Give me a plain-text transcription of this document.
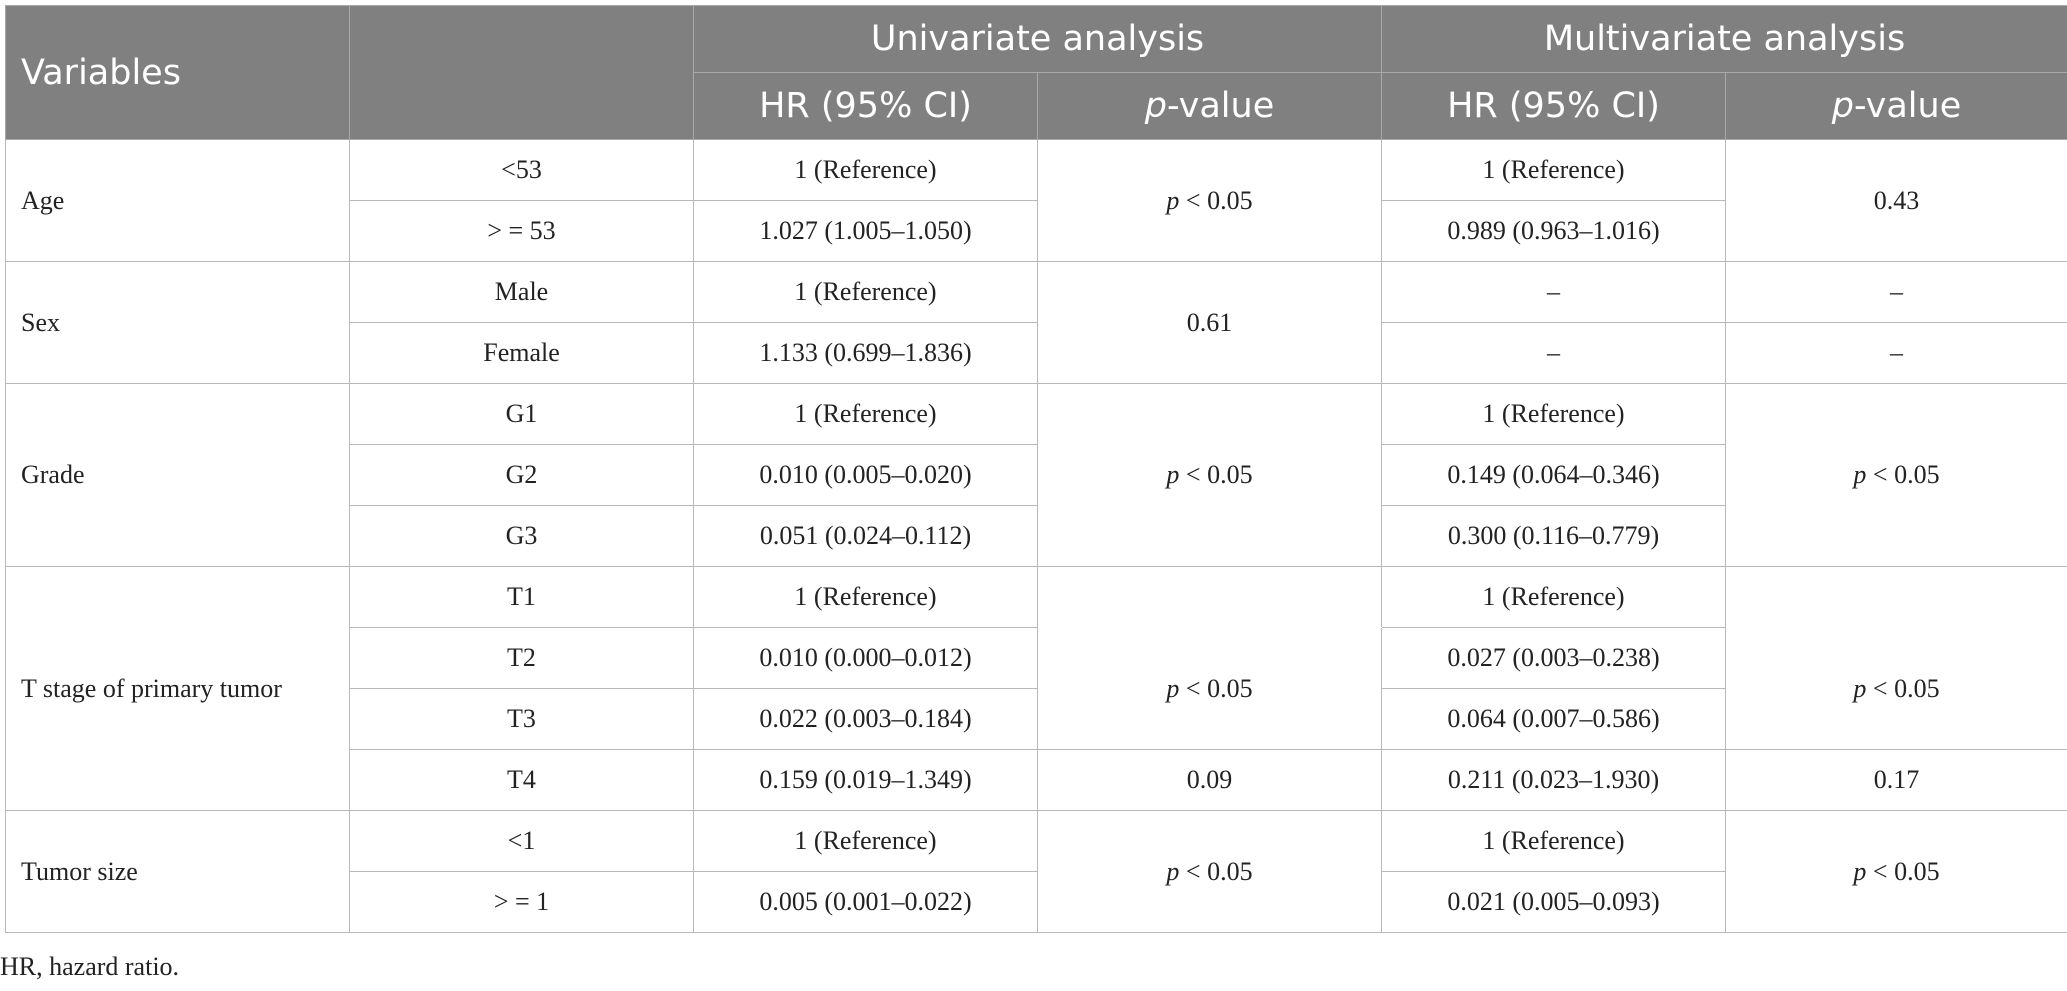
Variables		Univariate analysis		Multivariate analysis	
		HR (95% CI)	p-value	HR (95% CI)	p-value
Age	<53	1 (Reference)	p < 0.05	1 (Reference)	0.43
	> = 53	1.027 (1.005–1.050)		0.989 (0.963–1.016)	
Sex	Male	1 (Reference)	0.61	–	–
	Female	1.133 (0.699–1.836)		–	–
Grade	G1	1 (Reference)	p < 0.05	1 (Reference)	p < 0.05
	G2	0.010 (0.005–0.020)		0.149 (0.064–0.346)	
	G3	0.051 (0.024–0.112)		0.300 (0.116–0.779)	
T stage of primary tumor	T1	1 (Reference)		1 (Reference)	
	T2	0.010 (0.000–0.012)	p < 0.05	0.027 (0.003–0.238)	p < 0.05
	T3	0.022 (0.003–0.184)		0.064 (0.007–0.586)	
	T4	0.159 (0.019–1.349)	0.09	0.211 (0.023–1.930)	0.17
Tumor size	<1	1 (Reference)	p < 0.05	1 (Reference)	p < 0.05
	> = 1	0.005 (0.001–0.022)		0.021 (0.005–0.093)	
HR, hazard ratio.
